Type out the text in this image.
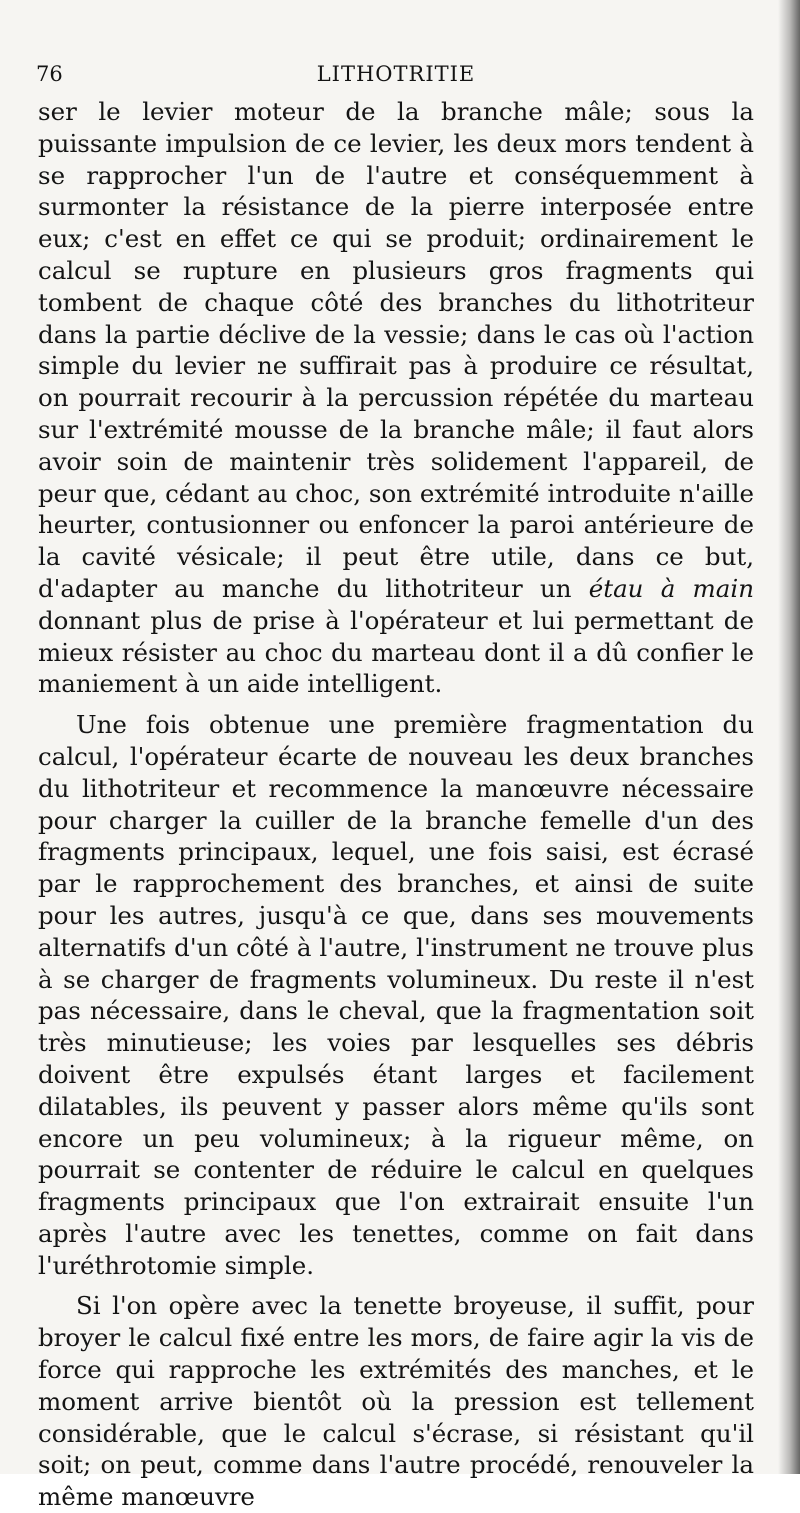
76	LITHOTRITIE

ser le levier moteur de la branche mâle; sous la puissante impulsion de ce levier, les deux mors tendent à se rapprocher l'un de l'autre et conséquemment à surmonter la résistance de la pierre interposée entre eux; c'est en effet ce qui se produit; ordinairement le calcul se rupture en plusieurs gros fragments qui tombent de chaque côté des branches du lithotriteur dans la partie déclive de la vessie; dans le cas où l'action simple du levier ne suffirait pas à produire ce résultat, on pourrait recourir à la percussion répétée du marteau sur l'extrémité mousse de la branche mâle; il faut alors avoir soin de maintenir très solidement l'appareil, de peur que, cédant au choc, son extrémité introduite n'aille heurter, contusionner ou enfoncer la paroi antérieure de la cavité vésicale; il peut être utile, dans ce but, d'adapter au manche du lithotriteur un étau à main donnant plus de prise à l'opérateur et lui permettant de mieux résister au choc du marteau dont il a dû confier le maniement à un aide intelligent.

Une fois obtenue une première fragmentation du calcul, l'opérateur écarte de nouveau les deux branches du lithotriteur et recommence la manœuvre nécessaire pour charger la cuiller de la branche femelle d'un des fragments principaux, lequel, une fois saisi, est écrasé par le rapprochement des branches, et ainsi de suite pour les autres, jusqu'à ce que, dans ses mouvements alternatifs d'un côté à l'autre, l'instrument ne trouve plus à se charger de fragments volumineux. Du reste il n'est pas nécessaire, dans le cheval, que la fragmentation soit très minutieuse; les voies par lesquelles ses débris doivent être expulsés étant larges et facilement dilatables, ils peuvent y passer alors même qu'ils sont encore un peu volumineux; à la rigueur même, on pourrait se contenter de réduire le calcul en quelques fragments principaux que l'on extrairait ensuite l'un après l'autre avec les tenettes, comme on fait dans l'uréthrotomie simple.

Si l'on opère avec la tenette broyeuse, il suffit, pour broyer le calcul fixé entre les mors, de faire agir la vis de force qui rapproche les extrémités des manches, et le moment arrive bientôt où la pression est tellement considérable, que le calcul s'écrase, si résistant qu'il soit; on peut, comme dans l'autre procédé, renouveler la même manœuvre
